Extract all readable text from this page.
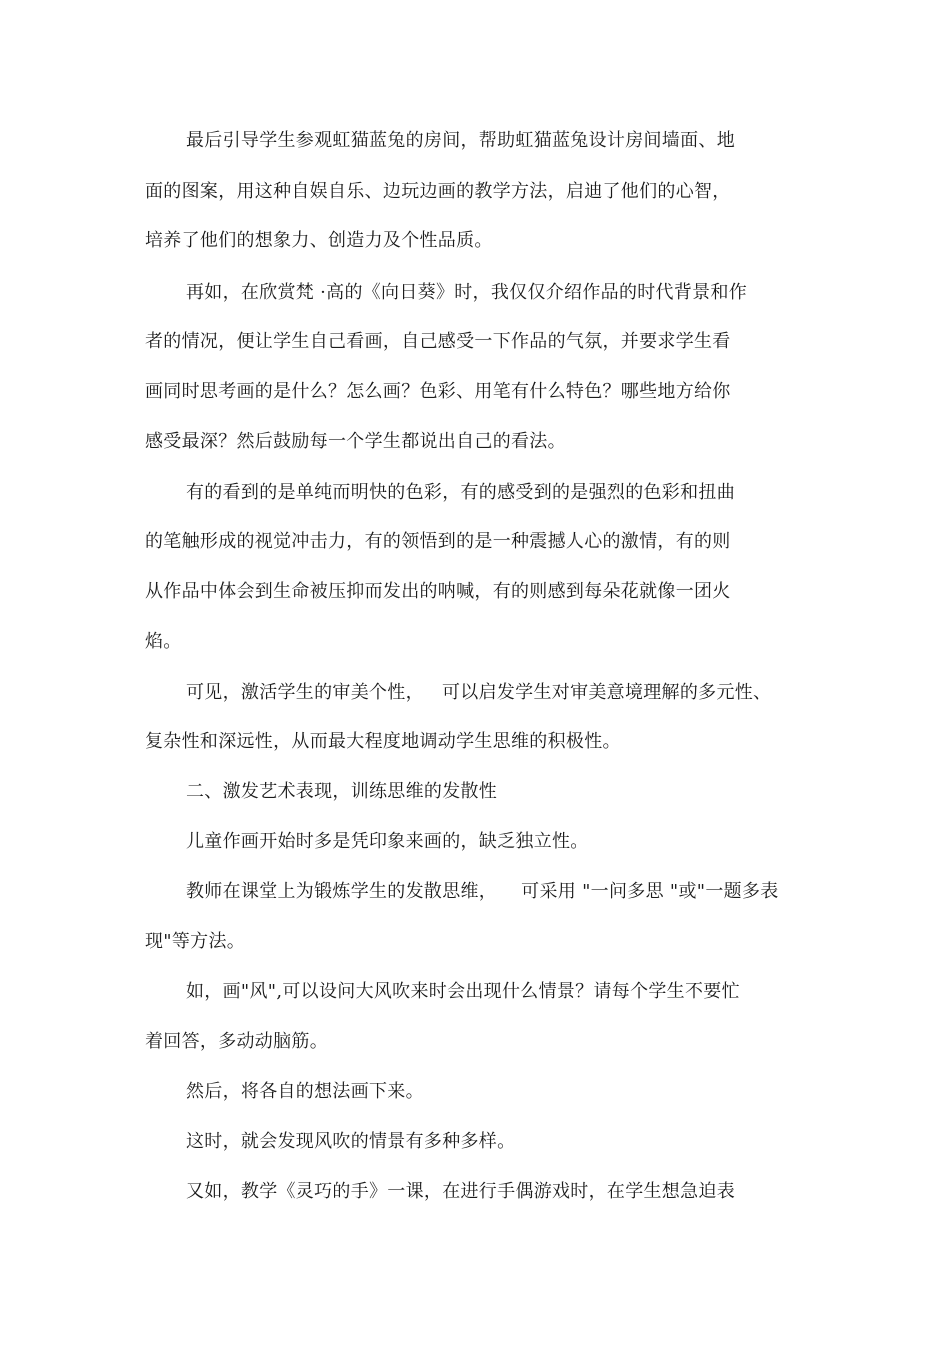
最后引导学生参观虹猫蓝兔的房间，帮助虹猫蓝兔设计房间墙面、地
面的图案，用这种自娱自乐、边玩边画的教学方法，启迪了他们的心智，
培养了他们的想象力、创造力及个性品质。
再如，在欣赏梵 ·高的《向日葵》时，我仅仅介绍作品的时代背景和作
者的情况，便让学生自己看画，自己感受一下作品的气氛，并要求学生看
画同时思考画的是什么？怎么画？色彩、用笔有什么特色？哪些地方给你
感受最深？然后鼓励每一个学生都说出自己的看法。
有的看到的是单纯而明快的色彩，有的感受到的是强烈的色彩和扭曲
的笔触形成的视觉冲击力，有的领悟到的是一种震撼人心的激情，有的则
从作品中体会到生命被压抑而发出的呐喊，有的则感到每朵花就像一团火
焰。
可见，激活学生的审美个性，   可以启发学生对审美意境理解的多元性、
复杂性和深远性，从而最大程度地调动学生思维的积极性。
二、激发艺术表现，训练思维的发散性
儿童作画开始时多是凭印象来画的，缺乏独立性。
教师在课堂上为锻炼学生的发散思维，    可采用 "一问多思 "或"一题多表
现"等方法。
如，画"风",可以设问大风吹来时会出现什么情景？请每个学生不要忙
着回答，多动动脑筋。
然后，将各自的想法画下来。
这时，就会发现风吹的情景有多种多样。
又如，教学《灵巧的手》一课，在进行手偶游戏时，在学生想急迫表
